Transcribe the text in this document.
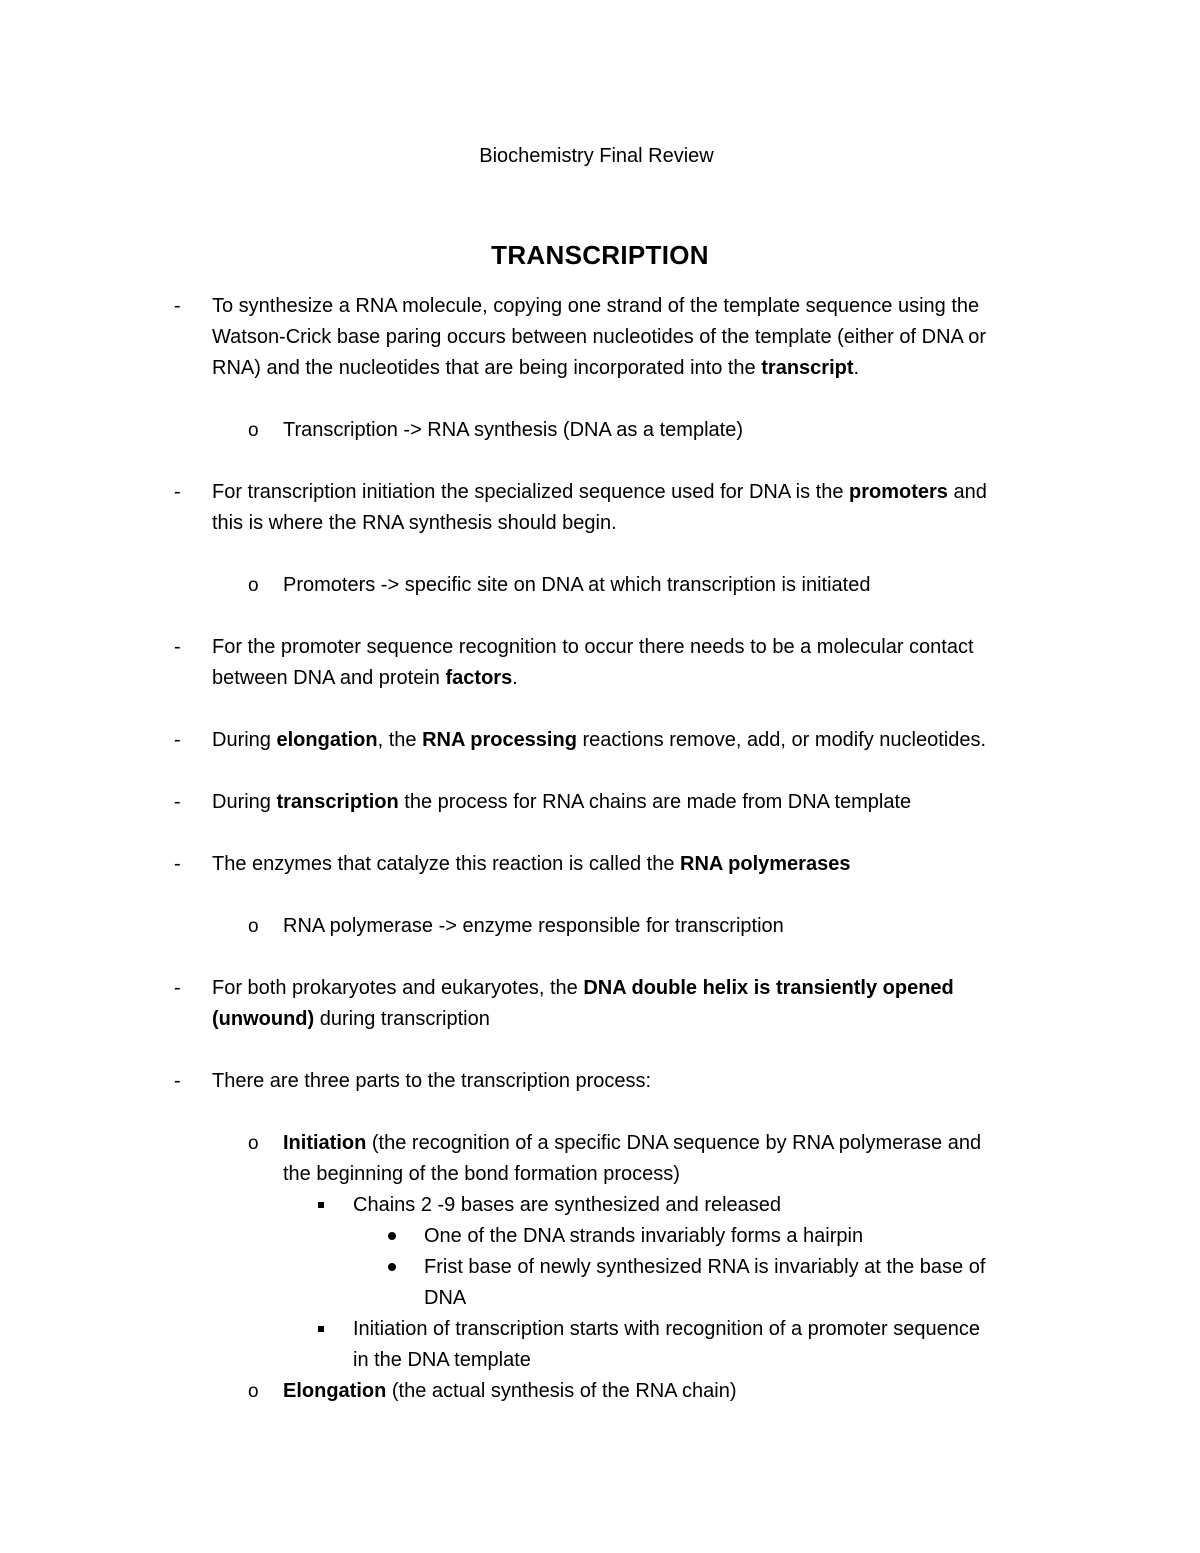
Biochemistry Final Review
TRANSCRIPTION
- To synthesize a RNA molecule, copying one strand of the template sequence using the
Watson-Crick base paring occurs between nucleotides of the template (either of DNA or
RNA) and the nucleotides that are being incorporated into the transcript.
o Transcription -> RNA synthesis (DNA as a template)
- For transcription initiation the specialized sequence used for DNA is the promoters and
this is where the RNA synthesis should begin.
o Promoters -> specific site on DNA at which transcription is initiated
- For the promoter sequence recognition to occur there needs to be a molecular contact
between DNA and protein factors.
- During elongation, the RNA processing reactions remove, add, or modify nucleotides.
- During transcription the process for RNA chains are made from DNA template
- The enzymes that catalyze this reaction is called the RNA polymerases
o RNA polymerase -> enzyme responsible for transcription
- For both prokaryotes and eukaryotes, the DNA double helix is transiently opened
(unwound) during transcription
- There are three parts to the transcription process:
o Initiation (the recognition of a specific DNA sequence by RNA polymerase and
the beginning of the bond formation process)
Chains 2 -9 bases are synthesized and released
One of the DNA strands invariably forms a hairpin
Frist base of newly synthesized RNA is invariably at the base of
DNA
Initiation of transcription starts with recognition of a promoter sequence
in the DNA template
o Elongation (the actual synthesis of the RNA chain)
